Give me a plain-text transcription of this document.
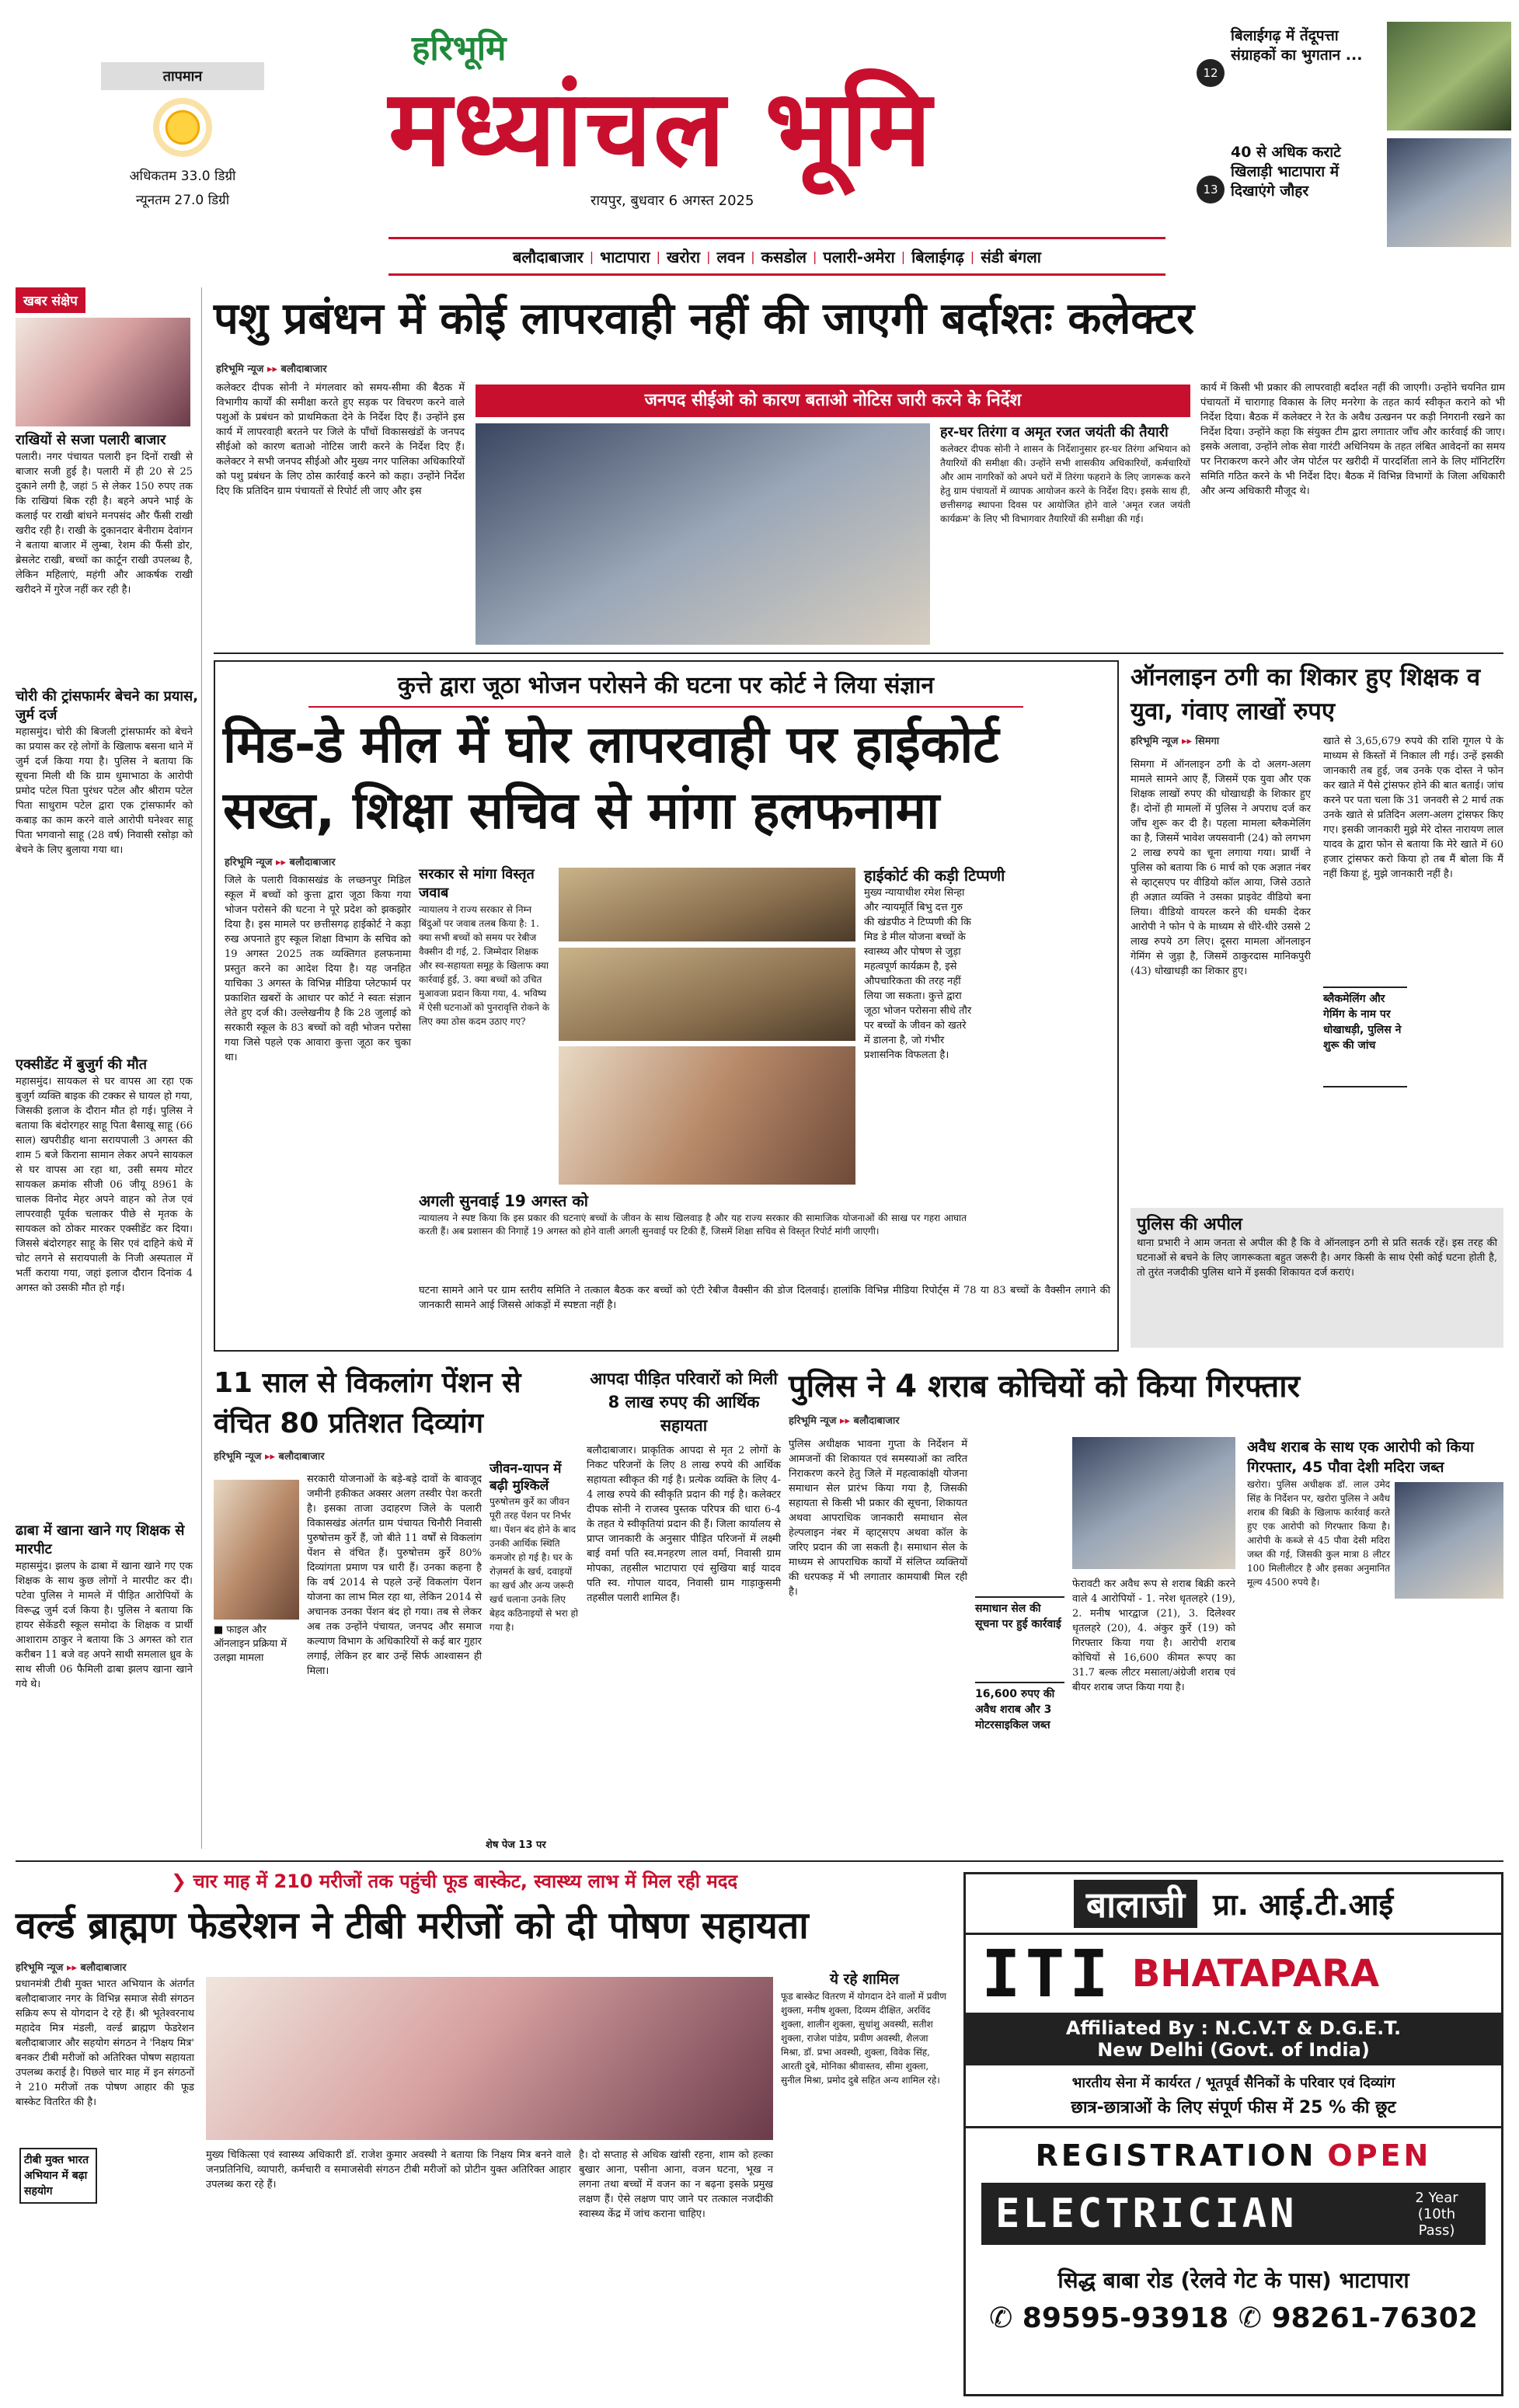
तापमान
अधिकतम 33.0 डिग्री
न्यूनतम 27.0 डिग्री
हरिभूमि
मध्यांचल भूमि
रायपुर, बुधवार 6 अगस्त 2025
12
बिलाईगढ़ में तेंदूपत्ता संग्राहकों का भुगतान ...
13
40 से अधिक कराटे खिलाड़ी भाटापारा में दिखाएंगे जौहर
बलौदाबाजार | भाटापारा | खरोरा | लवन | कसडोल | पलारी-अमेरा | बिलाईगढ़ | संडी बंगला
खबर संक्षेप
राखियों से सजा पलारी बाजार
पलारी। नगर पंचायत पलारी इन दिनों राखी से बाजार सजी हुई है। पलारी में ही 20 से 25 दुकाने लगी है, जहां 5 से लेकर 150 रुपए तक कि राखियां बिक रही है। बहने अपने भाई के कलाई पर राखी बांधने मनपसंद और फैंसी राखी खरीद रही है। राखी के दुकानदार बेनीराम देवांगन ने बताया बाजार में लुम्बा, रेशम की फैंसी डोर, ब्रेसलेट राखी, बच्चों का कार्टून राखी उपलब्ध है, लेकिन महिलाएं, महंगी और आकर्षक राखी खरीदने में गुरेज नहीं कर रही है।
चोरी की ट्रांसफार्मर बेचने का प्रयास, जुर्म दर्ज
महासमुंद। चोरी की बिजली ट्रांसफार्मर को बेचने का प्रयास कर रहे लोगों के खिलाफ बसना थाने में जुर्म दर्ज किया गया है। पुलिस ने बताया कि सूचना मिली थी कि ग्राम धुमाभाठा के आरोपी प्रमोद पटेल पिता पुरंधर पटेल और श्रीराम पटेल पिता साधुराम पटेल द्वारा एक ट्रांसफार्मर को कबाड़ का काम करने वाले आरोपी घनेश्वर साहू पिता भगवानो साहू (28 वर्ष) निवासी रसोड़ा को बेचने के लिए बुलाया गया था।
एक्सीडेंट में बुजुर्ग की मौत
महासमुंद। सायकल से घर वापस आ रहा एक बुजुर्ग व्यक्ति बाइक की टक्कर से घायल हो गया, जिसकी इलाज के दौरान मौत हो गई। पुलिस ने बताया कि बंदोरगहर साहू पिता बैसाखू साहू (66 साल) खपरीडीह थाना सरायपाली 3 अगस्त की शाम 5 बजे किराना सामान लेकर अपने सायकल से घर वापस आ रहा था, उसी समय मोटर सायकल क्रमांक सीजी 06 जीयू 8961 के चालक विनोद मेहर अपने वाहन को तेज एवं लापरवाही पूर्वक चलाकर पीछे से मृतक के सायकल को ठोकर मारकर एक्सीडेंट कर दिया। जिससे बंदोरगहर साहू के सिर एवं दाहिने कंधे में चोट लगने से सरायपाली के निजी अस्पताल में भर्ती कराया गया, जहां इलाज दौरान दिनांक 4 अगस्त को उसकी मौत हो गई।
ढाबा में खाना खाने गए शिक्षक से मारपीट
महासमुंद। झलप के ढाबा में खाना खाने गए एक शिक्षक के साथ कुछ लोगों ने मारपीट कर दी। पटेवा पुलिस ने मामले में पीड़ित आरोपियों के विरूद्ध जुर्म दर्ज किया है। पुलिस ने बताया कि हायर सेकेंडरी स्कूल समोदा के शिक्षक व प्रार्थी आशाराम ठाकुर ने बताया कि 3 अगस्त को रात करीबन 11 बजे वह अपने साथी समलाल ध्रुव के साथ सीजी 06 फैमिली ढाबा झलप खाना खाने गये थे।
पशु प्रबंधन में कोई लापरवाही नहीं की जाएगी बर्दाश्तः कलेक्टर
हरिभूमि न्यूज ▸▸ बलौदाबाजार
जनपद सीईओ को कारण बताओ नोटिस जारी करने के निर्देश
कलेक्टर दीपक सोनी ने मंगलवार को समय-सीमा की बैठक में विभागीय कार्यों की समीक्षा करते हुए सड़क पर विचरण करने वाले पशुओं के प्रबंधन को प्राथमिकता देने के निर्देश दिए हैं। उन्होंने इस कार्य में लापरवाही बरतने पर जिले के पाँचों विकासखंडों के जनपद सीईओ को कारण बताओ नोटिस जारी करने के निर्देश दिए हैं। कलेक्टर ने सभी जनपद सीईओ और मुख्य नगर पालिका अधिकारियों को पशु प्रबंधन के लिए ठोस कार्रवाई करने को कहा। उन्होंने निर्देश दिए कि प्रतिदिन ग्राम पंचायतों से रिपोर्ट ली जाए और इस
हर-घर तिरंगा व अमृत रजत जयंती की तैयारी
कलेक्टर दीपक सोनी ने शासन के निर्देशानुसार हर-घर तिरंगा अभियान को तैयारियों की समीक्षा की। उन्होंने सभी शासकीय अधिकारियों, कर्मचारियों और आम नागरिकों को अपने घरों में तिरंगा फहराने के लिए जागरूक करने हेतु ग्राम पंचायतों में व्यापक आयोजन करने के निर्देश दिए। इसके साथ ही, छत्तीसगढ़ स्थापना दिवस पर आयोजित होने वाले 'अमृत रजत जयंती कार्यक्रम' के लिए भी विभागवार तैयारियों की समीक्षा की गई।
कार्य में किसी भी प्रकार की लापरवाही बर्दाश्त नहीं की जाएगी। उन्होंने चयनित ग्राम पंचायतों में चारागाह विकास के लिए मनरेगा के तहत कार्य स्वीकृत कराने को भी निर्देश दिया। बैठक में कलेक्टर ने रेत के अवैध उत्खनन पर कड़ी निगरानी रखने का निर्देश दिया। उन्होंने कहा कि संयुक्त टीम द्वारा लगातार जाँच और कार्रवाई की जाए। इसके अलावा, उन्होंने लोक सेवा गारंटी अधिनियम के तहत लंबित आवेदनों का समय पर निराकरण करने और जेम पोर्टल पर खरीदी में पारदर्शिता लाने के लिए मॉनिटरिंग समिति गठित करने के भी निर्देश दिए। बैठक में विभिन्न विभागों के जिला अधिकारी और अन्य अधिकारी मौजूद थे।
कुत्ते द्वारा जूठा भोजन परोसने की घटना पर कोर्ट ने लिया संज्ञान
मिड-डे मील में घोर लापरवाही पर हाईकोर्ट
सख्त, शिक्षा सचिव से मांगा हलफनामा
हरिभूमि न्यूज ▸▸ बलौदाबाजार
जिले के पलारी विकासखंड के लच्छनपुर मिडिल स्कूल में बच्चों को कुत्ता द्वारा जूठा किया गया भोजन परोसने की घटना ने पूरे प्रदेश को झकझोर दिया है। इस मामले पर छत्तीसगढ़ हाईकोर्ट ने कड़ा रुख अपनाते हुए स्कूल शिक्षा विभाग के सचिव को 19 अगस्त 2025 तक व्यक्तिगत हलफनामा प्रस्तुत करने का आदेश दिया है। यह जनहित याचिका 3 अगस्त के विभिन्न मीडिया प्लेटफार्म पर प्रकाशित खबरों के आधार पर कोर्ट ने स्वतः संज्ञान लेते हुए दर्ज की। उल्लेखनीय है कि 28 जुलाई को सरकारी स्कूल के 83 बच्चों को वही भोजन परोसा गया जिसे पहले एक आवारा कुत्ता जूठा कर चुका था।
सरकार से मांगा विस्तृत जवाब
न्यायालय ने राज्य सरकार से निम्न बिंदुओं पर जवाब तलब किया है: 1. क्या सभी बच्चों को समय पर रेबीज वैक्सीन दी गई, 2. जिम्मेदार शिक्षक और स्व-सहायता समूह के खिलाफ क्या कार्रवाई हुई, 3. क्या बच्चों को उचित मुआवजा प्रदान किया गया, 4. भविष्य में ऐसी घटनाओं को पुनरावृत्ति रोकने के लिए क्या ठोस कदम उठाए गए?
हाईकोर्ट की कड़ी टिप्पणी
मुख्य न्यायाधीश रमेश सिन्हा और न्यायमूर्ति बिभु दत्त गुरु की खंडपीठ ने टिप्पणी की कि मिड डे मील योजना बच्चों के स्वास्थ्य और पोषण से जुड़ा महत्वपूर्ण कार्यक्रम है, इसे औपचारिकता की तरह नहीं लिया जा सकता। कुत्ते द्वारा जूठा भोजन परोसना सीधे तौर पर बच्चों के जीवन को खतरे में डालना है, जो गंभीर प्रशासनिक विफलता है।
अगली सुनवाई 19 अगस्त को
न्यायालय ने स्पष्ट किया कि इस प्रकार की घटनाएं बच्चों के जीवन के साथ खिलवाड़ है और यह राज्य सरकार की सामाजिक योजनाओं की साख पर गहरा आघात करती हैं। अब प्रशासन की निगाहें 19 अगस्त को होने वाली अगली सुनवाई पर टिकी हैं, जिसमें शिक्षा सचिव से विस्तृत रिपोर्ट मांगी जाएगी।
घटना सामने आने पर ग्राम स्तरीय समिति ने तत्काल बैठक कर बच्चों को एंटी रेबीज वैक्सीन की डोज दिलवाई। हालांकि विभिन्न मीडिया रिपोर्ट्स में 78 या 83 बच्चों के वैक्सीन लगाने की जानकारी सामने आई जिससे आंकड़ों में स्पष्टता नहीं है।
ऑनलाइन ठगी का शिकार हुए शिक्षक व युवा, गंवाए लाखों रुपए
हरिभूमि न्यूज ▸▸ सिमगा
सिमगा में ऑनलाइन ठगी के दो अलग-अलग मामले सामने आए हैं, जिसमें एक युवा और एक शिक्षक लाखों रुपए की धोखाधड़ी के शिकार हुए हैं। दोनों ही मामलों में पुलिस ने अपराध दर्ज कर जाँच शुरू कर दी है। पहला मामला ब्लैकमेलिंग का है, जिसमें भावेश जयसवानी (24) को लगभग 2 लाख रुपये का चूना लगाया गया। प्रार्थी ने पुलिस को बताया कि 6 मार्च को एक अज्ञात नंबर से व्हाट्सएप पर वीडियो कॉल आया, जिसे उठाते ही अज्ञात व्यक्ति ने उसका प्राइवेट वीडियो बना लिया। वीडियो वायरल करने की धमकी देकर आरोपी ने फोन पे के माध्यम से धीरे-धीरे उससे 2 लाख रुपये ठग लिए। दूसरा मामला ऑनलाइन गेमिंग से जुड़ा है, जिसमें ठाकुरदास मानिकपुरी (43) धोखाधड़ी का शिकार हुए।
ब्लैकमेलिंग और गेमिंग के नाम पर धोखाधड़ी, पुलिस ने शुरू की जांच
खाते से 3,65,679 रुपये की राशि गूगल पे के माध्यम से किस्तों में निकाल ली गई। उन्हें इसकी जानकारी तब हुई, जब उनके एक दोस्त ने फोन कर खाते में पैसे ट्रांसफर होने की बात बताई। जांच करने पर पता चला कि 31 जनवरी से 2 मार्च तक उनके खाते से प्रतिदिन अलग-अलग ट्रांसफर किए गए। इसकी जानकारी मुझे मेरे दोस्त नारायण लाल यादव के द्वारा फोन से बताया कि मेरे खाते में 60 हजार ट्रांसफर करो किया हो तब मैं बोला कि मैं नहीं किया हूं, मुझे जानकारी नहीं है।
पुलिस की अपील
थाना प्रभारी ने आम जनता से अपील की है कि वे ऑनलाइन ठगी से प्रति सतर्क रहें। इस तरह की घटनाओं से बचने के लिए जागरूकता बहुत जरूरी है। अगर किसी के साथ ऐसी कोई घटना होती है, तो तुरंत नजदीकी पुलिस थाने में इसकी शिकायत दर्ज कराएं।
11 साल से विकलांग पेंशन से वंचित 80 प्रतिशत दिव्यांग
हरिभूमि न्यूज ▸▸ बलौदाबाजार
■ फाइल और ऑनलाइन प्रक्रिया में उलझा मामला
सरकारी योजनाओं के बड़े-बड़े दावों के बावजूद जमीनी हकीकत अक्सर अलग तस्वीर पेश करती है। इसका ताजा उदाहरण जिले के पलारी विकासखंड अंतर्गत ग्राम पंचायत चिनौरी निवासी पुरुषोत्तम कुर्रे हैं, जो बीते 11 वर्षों से विकलांग पेंशन से वंचित हैं। पुरुषोत्तम कुर्रे 80% दिव्यांगता प्रमाण पत्र धारी हैं। उनका कहना है कि वर्ष 2014 से पहले उन्हें विकलांग पेंशन योजना का लाभ मिल रहा था, लेकिन 2014 से अचानक उनका पेंशन बंद हो गया। तब से लेकर अब तक उन्होंने पंचायत, जनपद और समाज कल्याण विभाग के अधिकारियों से कई बार गुहार लगाई, लेकिन हर बार उन्हें सिर्फ आश्वासन ही मिला।
जीवन-यापन में बढ़ी मुश्किलें
पुरुषोत्तम कुर्रे का जीवन पूरी तरह पेंशन पर निर्भर था। पेंशन बंद होने के बाद उनकी आर्थिक स्थिति कमजोर हो गई है। घर के रोज़मर्रा के खर्च, दवाइयों का खर्च और अन्य जरूरी खर्च चलाना उनके लिए बेहद कठिनाइयों से भरा हो गया है।
शेष पेज 13 पर
आपदा पीड़ित परिवारों को मिली 8 लाख रुपए की आर्थिक सहायता
बलौदाबाजार। प्राकृतिक आपदा से मृत 2 लोगों के निकट परिजनों के लिए 8 लाख रुपये की आर्थिक सहायता स्वीकृत की गई है। प्रत्येक व्यक्ति के लिए 4-4 लाख रुपये की स्वीकृति प्रदान की गई है। कलेक्टर दीपक सोनी ने राजस्व पुस्तक परिपत्र की धारा 6-4 के तहत ये स्वीकृतियां प्रदान की हैं। जिला कार्यालय से प्राप्त जानकारी के अनुसार पीड़ित परिजनों में लक्ष्मी बाई वर्मा पति स्व.मनहरण लाल वर्मा, निवासी ग्राम मोपका, तहसील भाटापारा एवं सुखिया बाई यादव पति स्व. गोपाल यादव, निवासी ग्राम गाड़ाकुसमी तहसील पलारी शामिल हैं।
पुलिस ने 4 शराब कोचियों को किया गिरफ्तार
हरिभूमि न्यूज ▸▸ बलौदाबाजार
पुलिस अधीक्षक भावना गुप्ता के निर्देशन में आमजनों की शिकायत एवं समस्याओं का त्वरित निराकरण करने हेतु जिले में महत्वाकांक्षी योजना समाधान सेल प्रारंभ किया गया है, जिसकी सहायता से किसी भी प्रकार की सूचना, शिकायत अथवा आपराधिक जानकारी समाधान सेल हेल्पलाइन नंबर में व्हाट्सएप अथवा कॉल के जरिए प्रदान की जा सकती है। समाधान सेल के माध्यम से आपराधिक कार्यों में संलिप्त व्यक्तियों की धरपकड़ में भी लगातार कामयाबी मिल रही है।
समाधान सेल की सूचना पर हुई कार्रवाई
16,600 रुपए की अवैध शराब और 3 मोटरसाइकिल जब्त
फेरावटी कर अवैध रूप से शराब बिक्री करने वाले 4 आरोपियों - 1. नरेश धृतलहरे (19), 2. मनीष भारद्वाज (21), 3. दिलेश्वर धृतलहरे (20), 4. अंकुर कुर्रे (19) को गिरफ्तार किया गया है। आरोपी शराब कोचियों से 16,600 कीमत रूपए का 31.7 बल्क लीटर मसाला/अंग्रेजी शराब एवं बीयर शराब जप्त किया गया है।
अवैध शराब के साथ एक आरोपी को किया गिरफ्तार, 45 पौवा देशी मदिरा जब्त
खरोरा। पुलिस अधीक्षक डॉ. लाल उमेद सिंह के निर्देशन पर, खरोरा पुलिस ने अवैध शराब की बिक्री के खिलाफ कार्रवाई करते हुए एक आरोपी को गिरफ्तार किया है। आरोपी के कब्जे से 45 पौवा देसी मदिरा जब्त की गई, जिसकी कुल मात्रा 8 लीटर 100 मिलीलीटर है और इसका अनुमानित मूल्य 4500 रुपये है।
❯ चार माह में 210 मरीजों तक पहुंची फूड बास्केट, स्वास्थ्य लाभ में मिल रही मदद
वर्ल्ड ब्राह्मण फेडरेशन ने टीबी मरीजों को दी पोषण सहायता
हरिभूमि न्यूज ▸▸ बलौदाबाजार
प्रधानमंत्री टीबी मुक्त भारत अभियान के अंतर्गत बलौदाबाजार नगर के विभिन्न समाज सेवी संगठन सक्रिय रूप से योगदान दे रहे हैं। श्री भूतेश्वरनाथ महादेव मित्र मंडली, वर्ल्ड ब्राह्मण फेडरेशन बलौदाबाजार और सहयोग संगठन ने 'निक्षय मित्र' बनकर टीबी मरीजों को अतिरिक्त पोषण सहायता उपलब्ध कराई है। पिछले चार माह में इन संगठनों ने 210 मरीजों तक पोषण आहार की फूड बास्केट वितरित की है।
टीबी मुक्त भारत अभियान में बढ़ा सहयोग
मुख्य चिकित्सा एवं स्वास्थ्य अधिकारी डॉ. राजेश कुमार अवस्थी ने बताया कि निक्षय मित्र बनने वाले जनप्रतिनिधि, व्यापारी, कर्मचारी व समाजसेवी संगठन टीबी मरीजों को प्रोटीन युक्त अतिरिक्त आहार उपलब्ध करा रहे हैं।
है। दो सप्ताह से अधिक खांसी रहना, शाम को हल्का बुखार आना, पसीना आना, वजन घटना, भूख न लगना तथा बच्चों में वजन का न बढ़ना इसके प्रमुख लक्षण हैं। ऐसे लक्षण पाए जाने पर तत्काल नजदीकी स्वास्थ्य केंद्र में जांच कराना चाहिए।
ये रहे शामिल
फूड बास्केट वितरण में योगदान देने वालों में प्रवीण शुक्ला, मनीष शुक्ला, दिव्यम दीक्षित, अरविंद शुक्ला, शालीन शुक्ला, सुधांशु अवस्थी, सतीश शुक्ला, राजेश पांडेय, प्रवीण अवस्थी, शैलजा मिश्रा, डॉ. प्रभा अवस्थी, शुक्ला, विवेक सिंह, आरती दुबे, मोनिका श्रीवास्तव, सीमा शुक्ला, सुनील मिश्रा, प्रमोद दुबे सहित अन्य शामिल रहे।
बालाजी प्रा. आई.टी.आई
ITI BHATAPARA
Affiliated By : N.C.V.T & D.G.E.T.
New Delhi (Govt. of India)
भारतीय सेना में कार्यरत / भूतपूर्व सैनिकों के परिवार एवं दिव्यांग
छात्र-छात्राओं के लिए संपूर्ण फीस में 25 % की छूट
REGISTRATION OPEN
ELECTRICIAN	2 Year (10th Pass)
सिद्ध बाबा रोड (रेलवे गेट के पास) भाटापारा
✆ 89595-93918 ✆ 98261-76302
